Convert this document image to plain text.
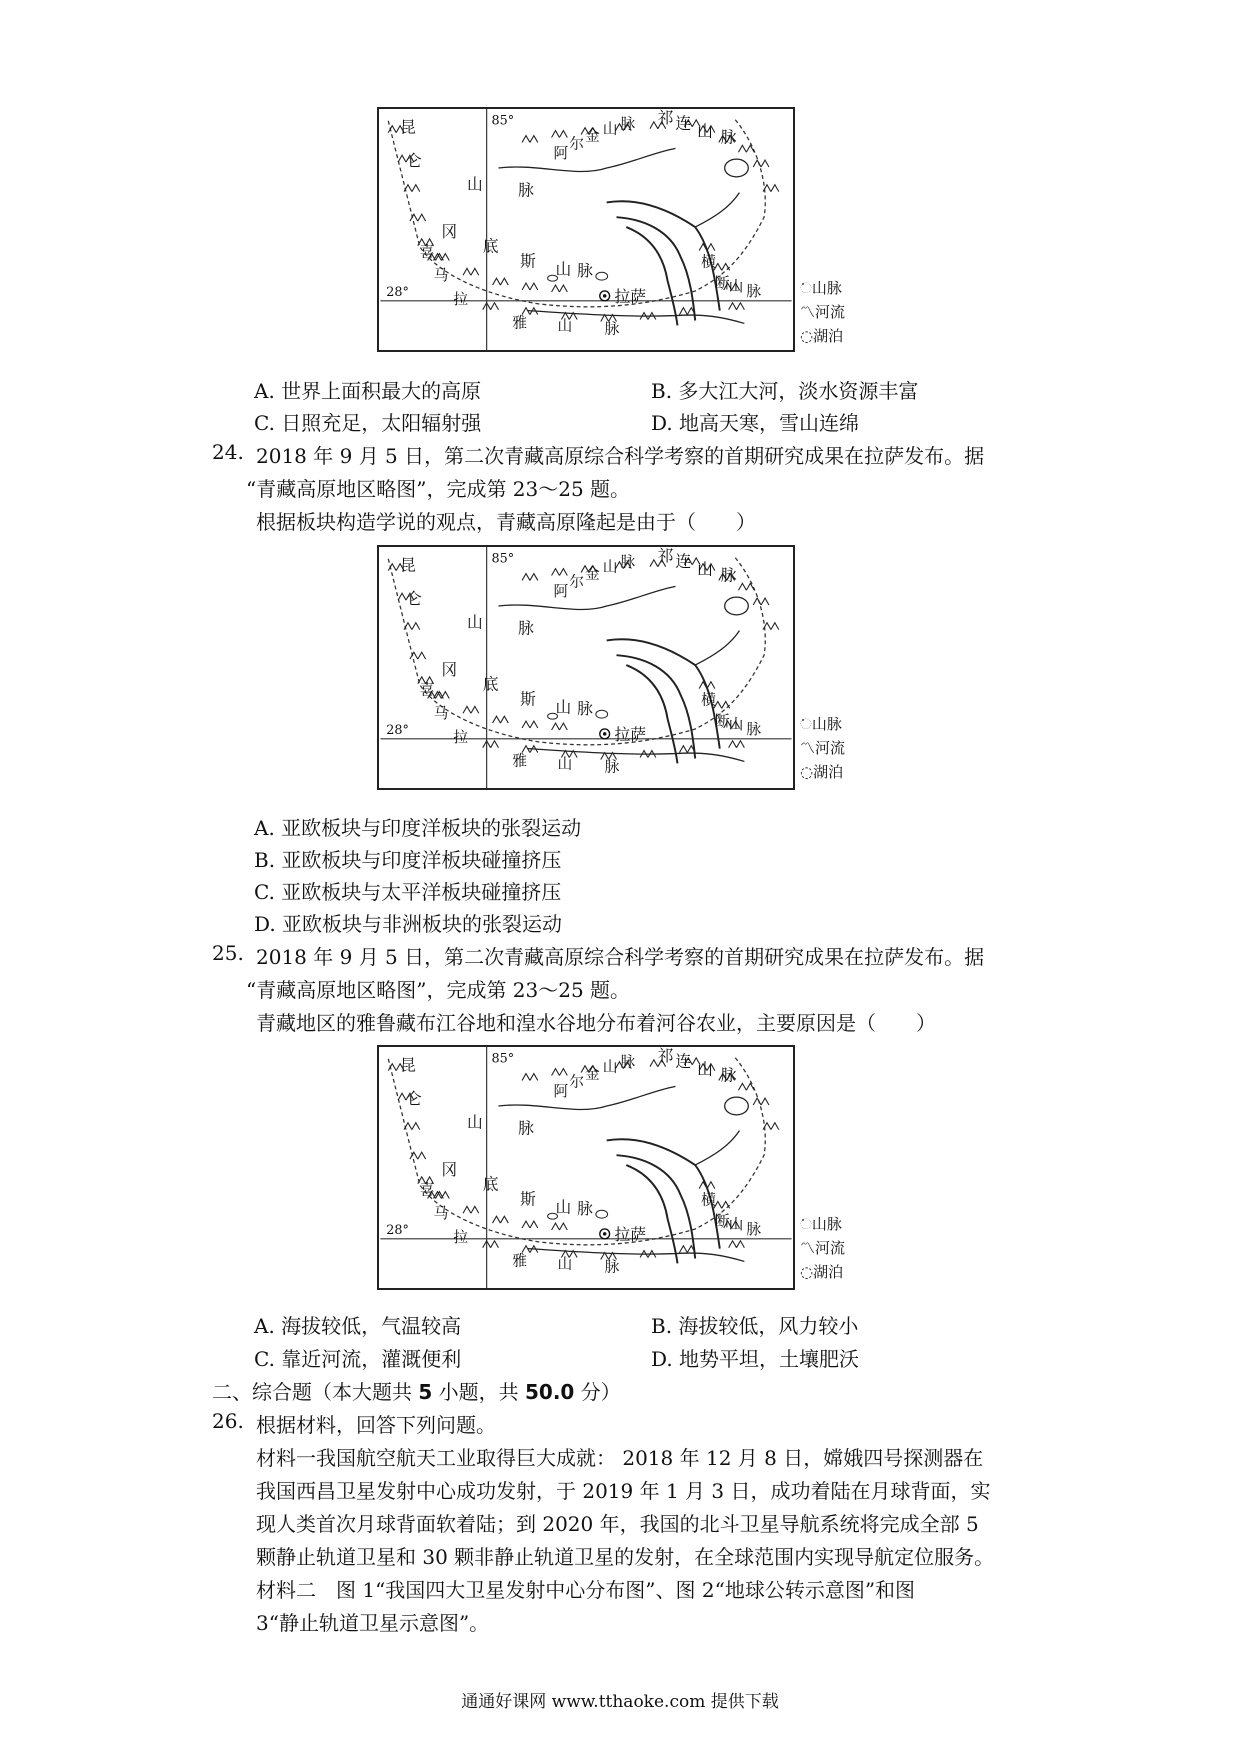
85°
28°	拉萨
昆
仑
山 脉
阿
尔 金 山 脉 祁 连 山 脉
冈
底
斯 山 脉
喜
马
拉
雅 山 脉
横
断 山 脉	ᨗ山脉
〽河流
◌湖泊
A. 世界上面积最大的高原	B. 多大江大河，淡水资源丰富
C. 日照充足，太阳辐射强	D. 地高天寒，雪山连绵
24. 2018 年 9 月 5 日，第二次青藏高原综合科学考察的首期研究成果在拉萨发布。据
“青藏高原地区略图”，完成第 23～25 题。
根据板块构造学说的观点，青藏高原隆起是由于（　　）
85°
28°	拉萨
昆
仑
山 脉
阿
尔 金 山 脉 祁 连 山 脉
冈
底
斯 山 脉
喜
马
拉
雅 山 脉
横
断 山 脉	ᨗ山脉
〽河流
◌湖泊
A. 亚欧板块与印度洋板块的张裂运动
B. 亚欧板块与印度洋板块碰撞挤压
C. 亚欧板块与太平洋板块碰撞挤压
D. 亚欧板块与非洲板块的张裂运动
25. 2018 年 9 月 5 日，第二次青藏高原综合科学考察的首期研究成果在拉萨发布。据
“青藏高原地区略图”，完成第 23～25 题。
青藏地区的雅鲁藏布江谷地和湟水谷地分布着河谷农业，主要原因是（　　）
85°
28°	拉萨
昆
仑
山 脉
阿
尔 金 山 脉 祁 连 山 脉
冈
底
斯 山 脉
喜
马
拉
雅 山 脉
横
断 山 脉	ᨗ山脉
〽河流
◌湖泊
A. 海拔较低，气温较高	B. 海拔较低，风力较小
C. 靠近河流，灌溉便利	D. 地势平坦，土壤肥沃
二、综合题（本大题共 5 小题，共 50.0 分）
26. 根据材料，回答下列问题。
材料一我国航空航天工业取得巨大成就： 2018 年 12 月 8 日，嫦娥四号探测器在
我国西昌卫星发射中心成功发射，于 2019 年 1 月 3 日，成功着陆在月球背面，实
现人类首次月球背面软着陆；到 2020 年，我国的北斗卫星导航系统将完成全部 5
颗静止轨道卫星和 30 颗非静止轨道卫星的发射，在全球范围内实现导航定位服务。
材料二　图 1“我国四大卫星发射中心分布图”、图 2“地球公转示意图”和图
3“静止轨道卫星示意图”。
通通好课网 www.tthaoke.com 提供下载
